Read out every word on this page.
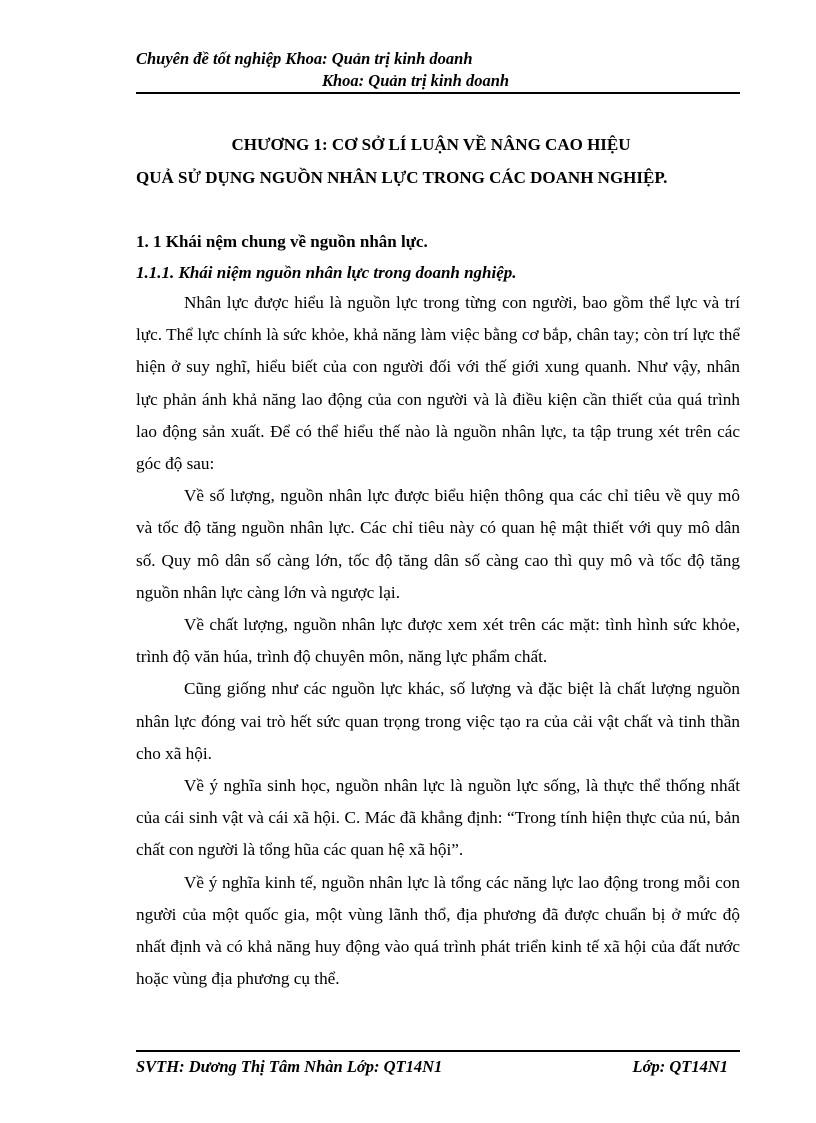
Chuyên đề tốt nghiệp Khoa: Quản trị kinh doanh
Khoa: Quản trị kinh doanh
CHƯƠNG 1: CƠ SỞ LÍ LUẬN VỀ NÂNG CAO HIỆU
QUẢ SỬ DỤNG NGUỒN NHÂN LỰC TRONG CÁC DOANH NGHIỆP.
1. 1 Khái nệm chung về nguồn nhân lực.
1.1.1. Khái niệm nguồn nhân lực trong doanh nghiệp.

Nhân lực được hiểu là nguồn lực trong từng con người, bao gồm thể lực và trí lực. Thể lực chính là sức khỏe, khả năng làm việc bằng cơ bắp, chân tay; còn trí lực thể hiện ở suy nghĩ, hiểu biết của con người đối với thế giới xung quanh. Như vậy, nhân lực phản ánh khả năng lao động của con người và là điều kiện cần thiết của quá trình lao động sản xuất. Để có thể hiểu thế nào là nguồn nhân lực, ta tập trung xét trên các góc độ sau:

Về số lượng, nguồn nhân lực được biểu hiện thông qua các chỉ tiêu về quy mô và tốc độ tăng nguồn nhân lực. Các chỉ tiêu này có quan hệ mật thiết với quy mô dân số. Quy mô dân số càng lớn, tốc độ tăng dân số càng cao thì quy mô và tốc độ tăng nguồn nhân lực càng lớn và ngược lại.

Về chất lượng, nguồn nhân lực được xem xét trên các mặt: tình hình sức khỏe, trình độ văn húa, trình độ chuyên môn, năng lực phẩm chất.

Cũng giống như các nguồn lực khác, số lượng và đặc biệt là chất lượng nguồn nhân lực đóng vai trò hết sức quan trọng trong việc tạo ra của cải vật chất và tinh thần cho xã hội.

Về ý nghĩa sinh học, nguồn nhân lực là nguồn lực sống, là thực thể thống nhất của cái sinh vật và cái xã hội. C. Mác đã khẳng định: “Trong tính hiện thực của nú, bản chất con người là tổng hũa các quan hệ xã hội”.

Về ý nghĩa kinh tế, nguồn nhân lực là tổng các năng lực lao động trong mỗi con người của một quốc gia, một vùng lãnh thổ, địa phương đã được chuẩn bị ở mức độ nhất định và có khả năng huy động vào quá trình phát triển kinh tế xã hội của đất nước hoặc vùng địa phương cụ thể.

SVTH: Dương Thị Tâm Nhàn Lớp: QT14N1	Lớp: QT14N1
